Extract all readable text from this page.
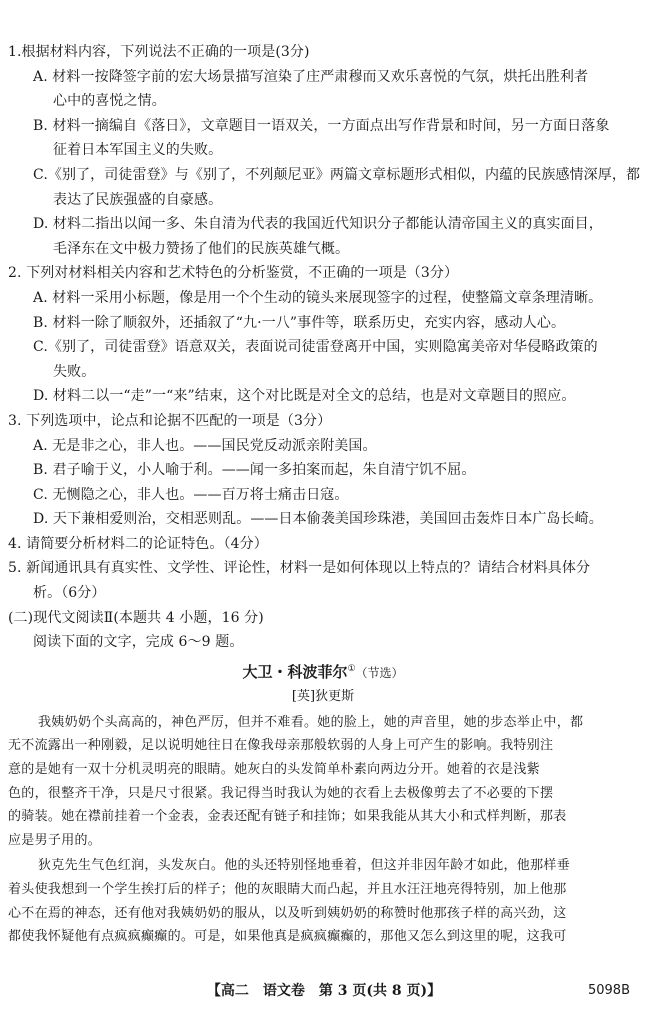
1.根据材料内容，下列说法不正确的一项是(3分)
A. 材料一按降签字前的宏大场景描写渲染了庄严肃穆而又欢乐喜悦的气氛，烘托出胜利者
心中的喜悦之情。
B. 材料一摘编自《落日》，文章题目一语双关，一方面点出写作背景和时间，另一方面日落象
征着日本军国主义的失败。
C.《别了，司徒雷登》与《别了，不列颠尼亚》两篇文章标题形式相似，内蕴的民族感情深厚，都
表达了民族强盛的自豪感。
D. 材料二指出以闻一多、朱自清为代表的我国近代知识分子都能认清帝国主义的真实面目，
毛泽东在文中极力赞扬了他们的民族英雄气概。
2. 下列对材料相关内容和艺术特色的分析鉴赏，不正确的一项是（3分）
A. 材料一采用小标题，像是用一个个生动的镜头来展现签字的过程，使整篇文章条理清晰。
B. 材料一除了顺叙外，还插叙了“九·一八”事件等，联系历史，充实内容，感动人心。
C.《别了，司徒雷登》语意双关，表面说司徒雷登离开中国，实则隐寓美帝对华侵略政策的
失败。
D. 材料二以一“走”一“来”结束，这个对比既是对全文的总结，也是对文章题目的照应。
3. 下列选项中，论点和论据不匹配的一项是（3分）
A. 无是非之心，非人也。——国民党反动派亲附美国。
B. 君子喻于义，小人喻于利。——闻一多拍案而起，朱自清宁饥不屈。
C. 无恻隐之心，非人也。——百万将士痛击日寇。
D. 天下兼相爱则治，交相恶则乱。——日本偷袭美国珍珠港，美国回击轰炸日本广岛长崎。
4. 请简要分析材料二的论证特色。（4分）
5. 新闻通讯具有真实性、文学性、评论性，材料一是如何体现以上特点的？请结合材料具体分
析。（6分）
(二)现代文阅读Ⅱ(本题共 4 小题，16 分)
阅读下面的文字，完成 6～9 题。
大卫・科波菲尔①（节选）
[英]狄更斯
我姨奶奶个头高高的，神色严厉，但并不难看。她的脸上，她的声音里，她的步态举止中，都
无不流露出一种刚毅，足以说明她往日在像我母亲那般软弱的人身上可产生的影响。我特别注
意的是她有一双十分机灵明亮的眼睛。她灰白的头发简单朴素向两边分开。她着的衣是浅紫
色的，很整齐干净，只是尺寸很紧。我记得当时我认为她的衣看上去极像剪去了不必要的下摆
的骑装。她在襟前挂着一个金表，金表还配有链子和挂饰；如果我能从其大小和式样判断，那表
应是男子用的。
狄克先生气色红润，头发灰白。他的头还特别怪地垂着，但这并非因年龄才如此，他那样垂
着头使我想到一个学生挨打后的样子；他的灰眼睛大而凸起，并且水汪汪地亮得特别，加上他那
心不在焉的神态，还有他对我姨奶奶的服从，以及听到姨奶奶的称赞时他那孩子样的高兴劲，这
都使我怀疑他有点疯疯癫癫的。可是，如果他真是疯疯癫癫的，那他又怎么到这里的呢，这我可
【高二　语文卷　第 3 页(共 8 页)】	5098B
